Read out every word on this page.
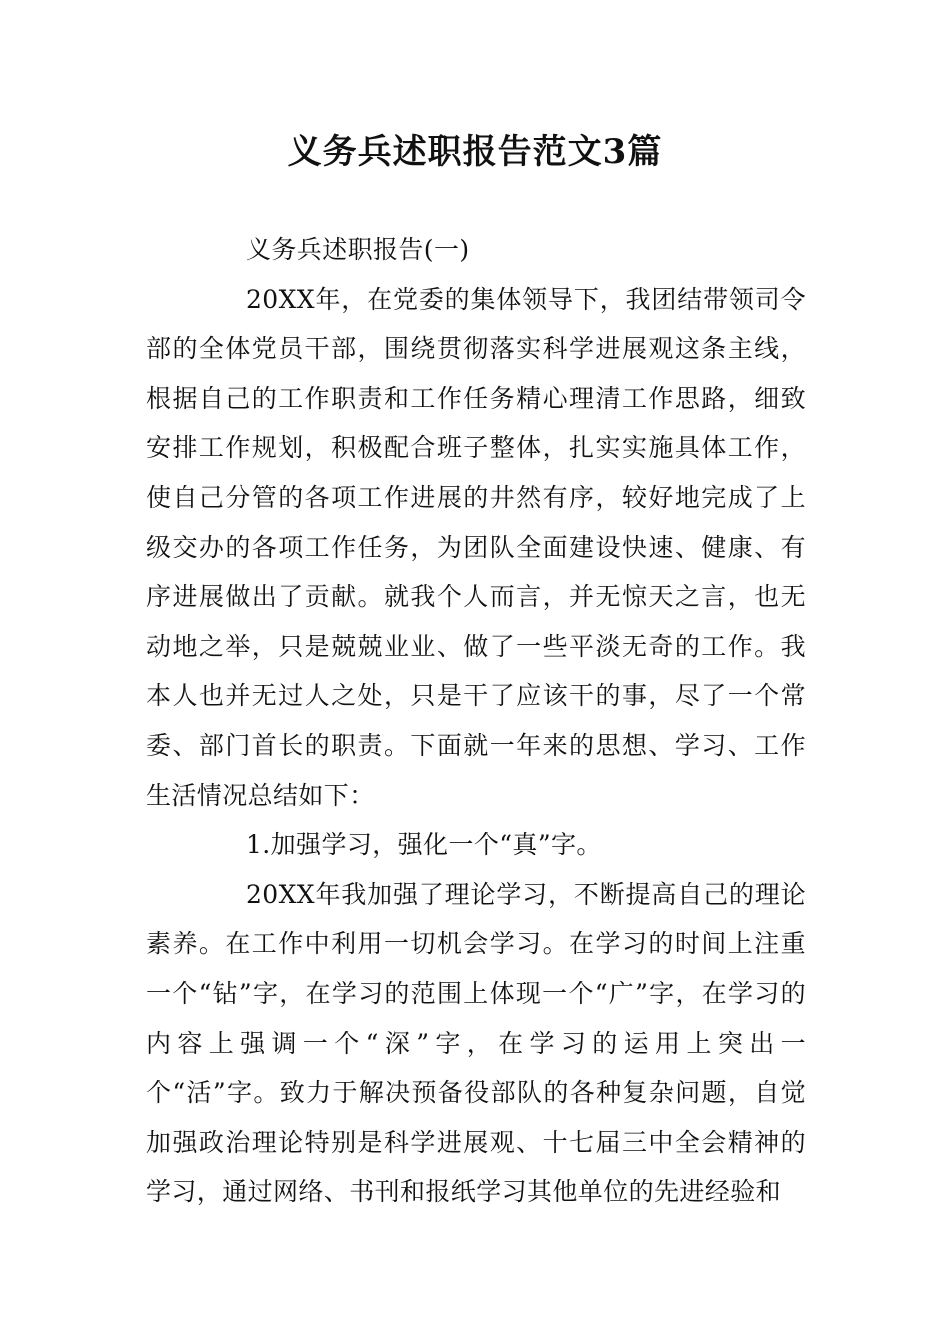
义务兵述职报告范文3篇

义务兵述职报告(一)

20XX年，在党委的集体领导下，我团结带领司令部的全体党员干部，围绕贯彻落实科学进展观这条主线，根据自己的工作职责和工作任务精心理清工作思路，细致安排工作规划，积极配合班子整体，扎实实施具体工作，使自己分管的各项工作进展的井然有序，较好地完成了上级交办的各项工作任务，为团队全面建设快速、健康、有序进展做出了贡献。就我个人而言，并无惊天之言，也无动地之举，只是兢兢业业、做了一些平淡无奇的工作。我本人也并无过人之处，只是干了应该干的事，尽了一个常委、部门首长的职责。下面就一年来的思想、学习、工作生活情况总结如下：

1.加强学习，强化一个“真”字。

20XX年我加强了理论学习，不断提高自己的理论素养。在工作中利用一切机会学习。在学习的时间上注重一个“钻”字，在学习的范围上体现一个“广”字，在学习的内容上强调一个“深”字，在学习的运用上突出一个“活”字。致力于解决预备役部队的各种复杂问题，自觉加强政治理论特别是科学进展观、十七届三中全会精神的学习，通过网络、书刊和报纸学习其他单位的先进经验和
